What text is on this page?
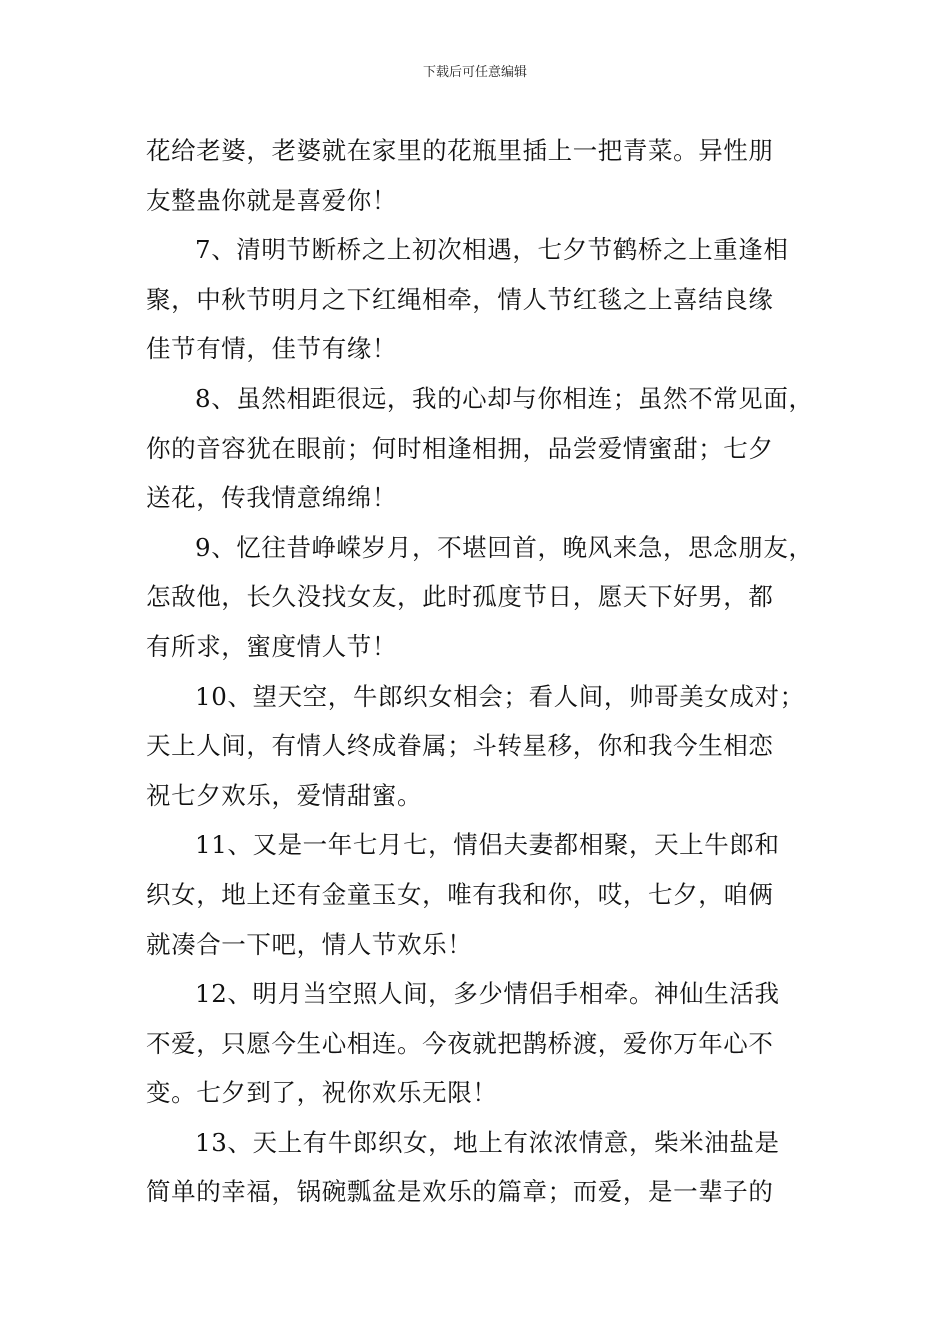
下载后可任意编辑
花给老婆，老婆就在家里的花瓶里插上一把青菜。异性朋
友整蛊你就是喜爱你！
7、清明节断桥之上初次相遇，七夕节鹤桥之上重逢相
聚，中秋节明月之下红绳相牵，情人节红毯之上喜结良缘
佳节有情，佳节有缘！
8、虽然相距很远，我的心却与你相连；虽然不常见面，
你的音容犹在眼前；何时相逢相拥，品尝爱情蜜甜；七夕
送花，传我情意绵绵！
9、忆往昔峥嵘岁月，不堪回首，晚风来急，思念朋友，
怎敌他，长久没找女友，此时孤度节日，愿天下好男，都
有所求，蜜度情人节！
10、望天空，牛郎织女相会；看人间，帅哥美女成对；
天上人间，有情人终成眷属；斗转星移，你和我今生相恋
祝七夕欢乐，爱情甜蜜。
11、又是一年七月七，情侣夫妻都相聚，天上牛郎和
织女，地上还有金童玉女，唯有我和你，哎，七夕，咱俩
就凑合一下吧，情人节欢乐！
12、明月当空照人间，多少情侣手相牵。神仙生活我
不爱，只愿今生心相连。今夜就把鹊桥渡，爱你万年心不
变。七夕到了，祝你欢乐无限！
13、天上有牛郎织女，地上有浓浓情意，柴米油盐是
简单的幸福，锅碗瓢盆是欢乐的篇章；而爱，是一辈子的
